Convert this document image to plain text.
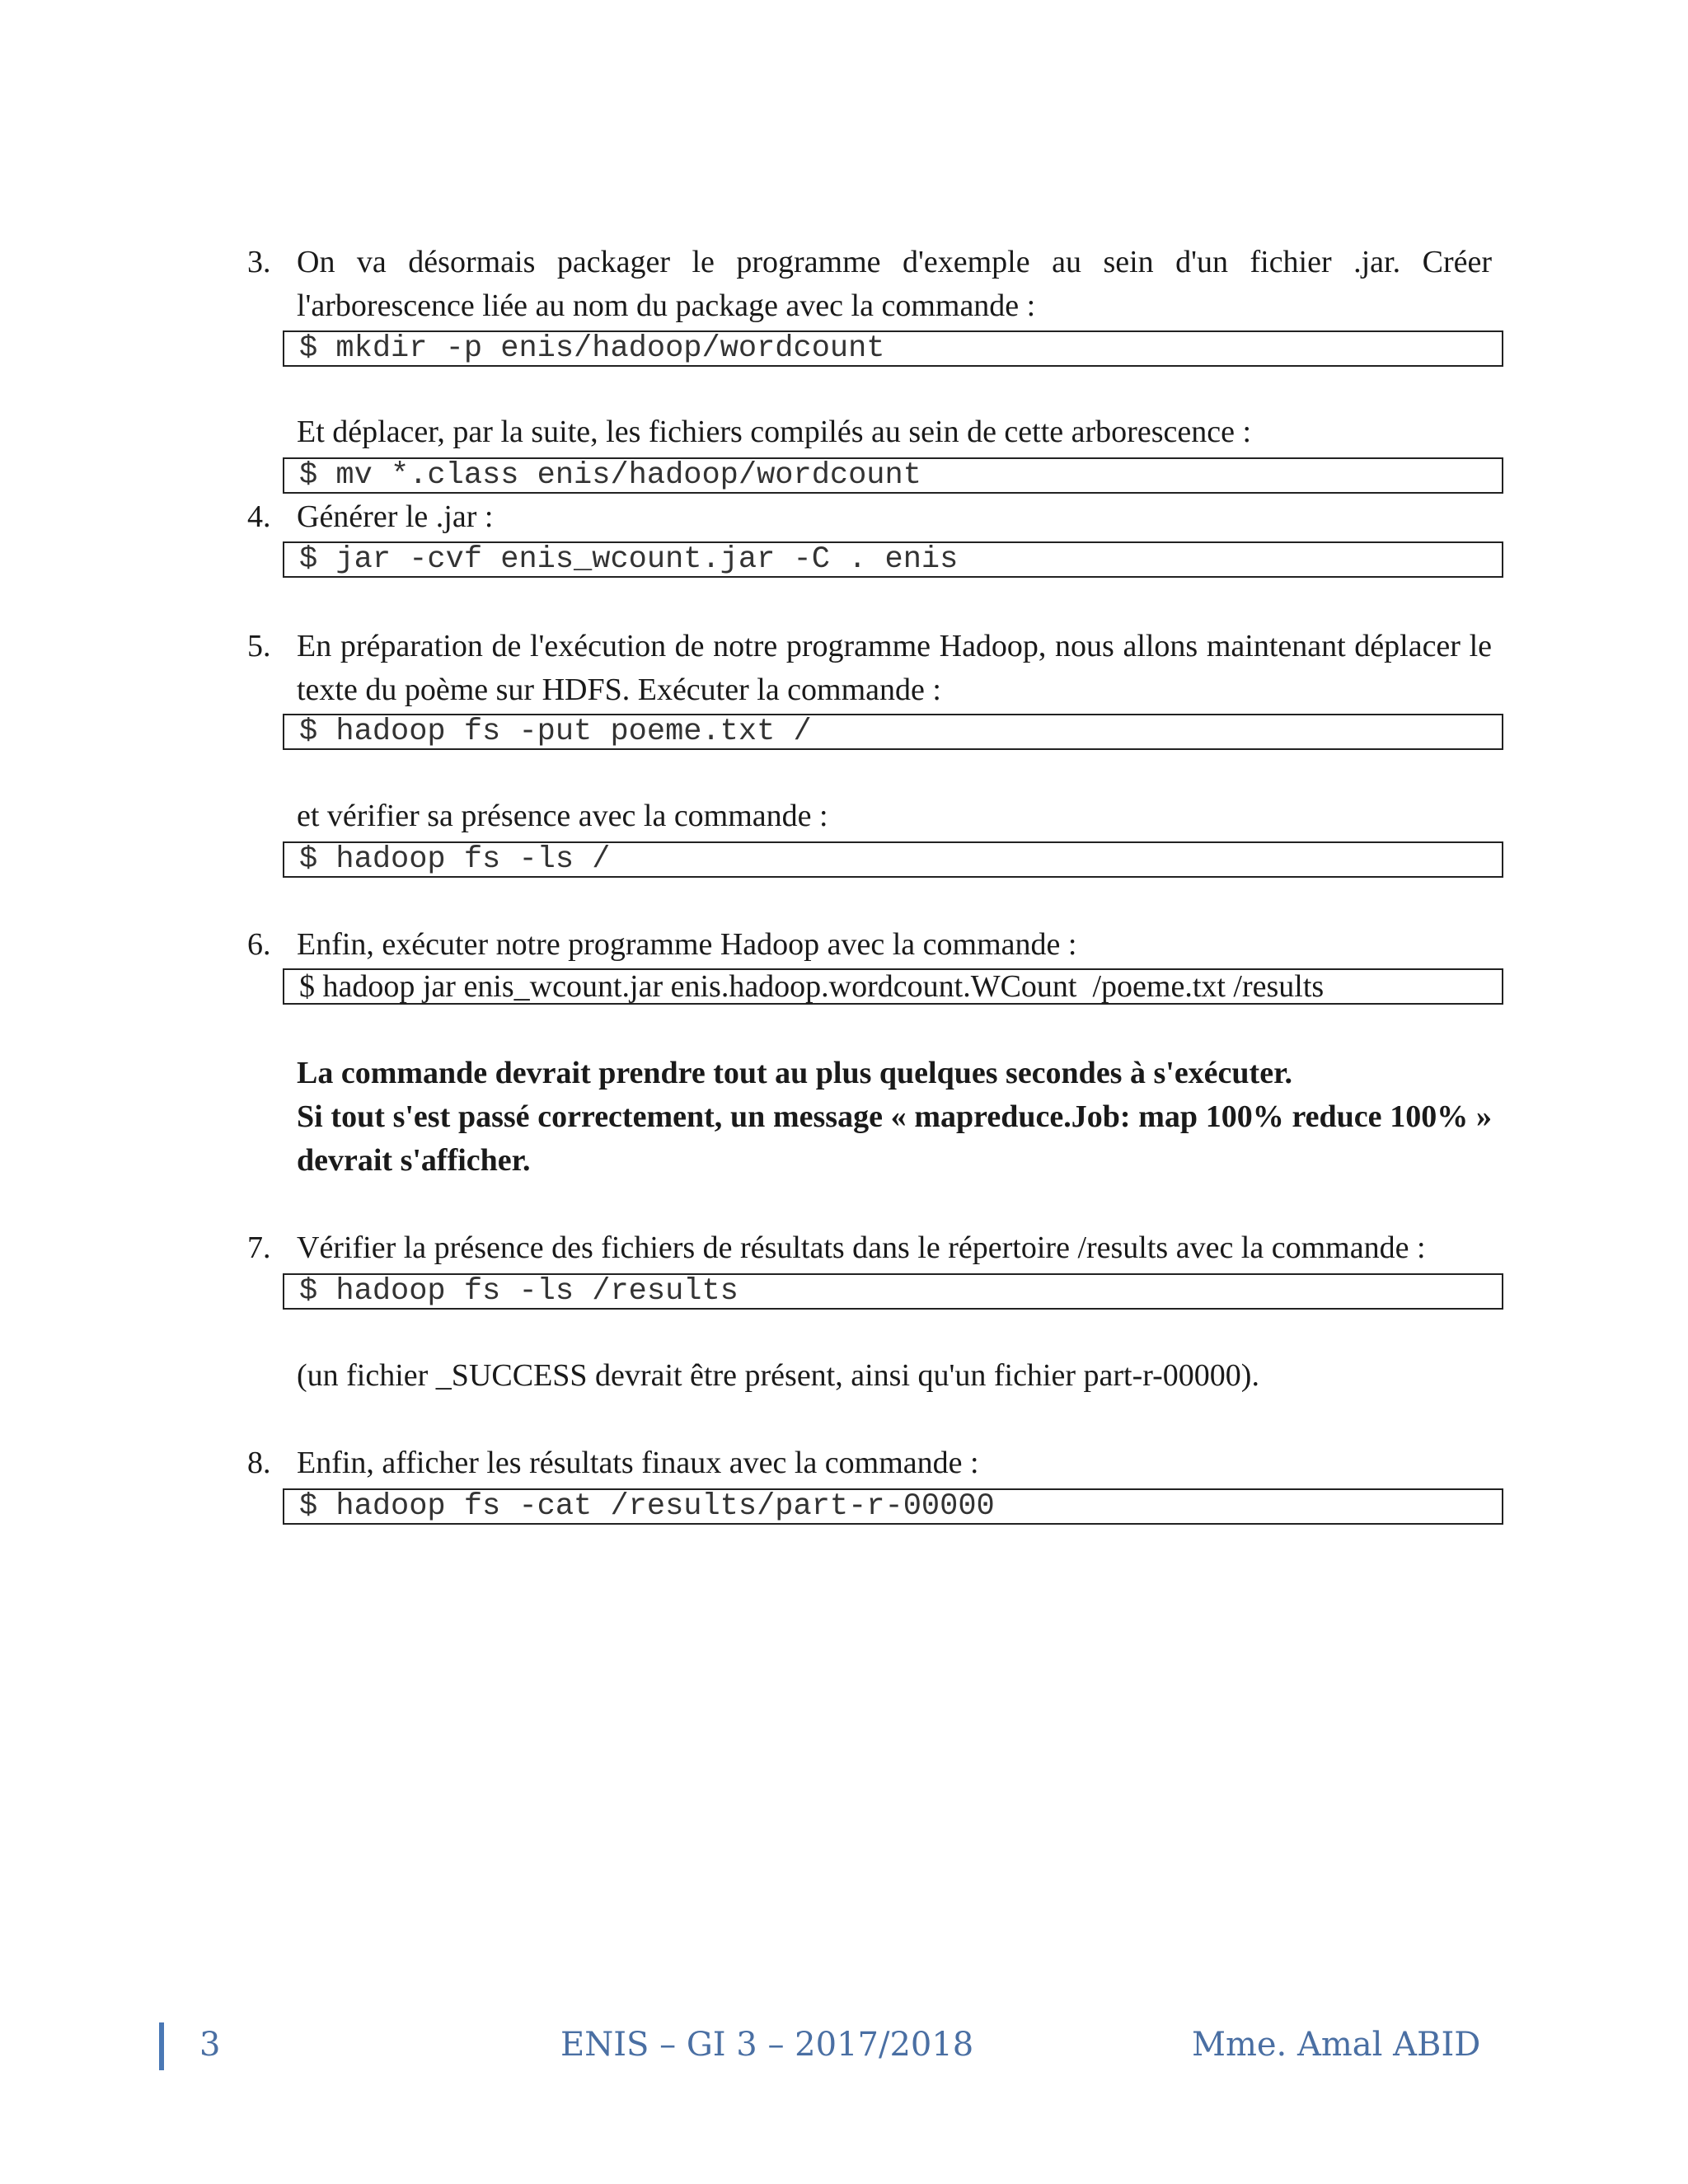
3. On va désormais packager le programme d'exemple au sein d'un fichier .jar. Créer l'arborescence liée au nom du package avec la commande :

$ mkdir -p enis/hadoop/wordcount
Et déplacer, par la suite, les fichiers compilés au sein de cette arborescence :
$ mv *.class enis/hadoop/wordcount
4. Générer le .jar :

$ jar -cvf enis_wcount.jar -C . enis
5. En préparation de l'exécution de notre programme Hadoop, nous allons maintenant déplacer le texte du poème sur HDFS. Exécuter la commande :

$ hadoop fs -put poeme.txt /
et vérifier sa présence avec la commande :
$ hadoop fs -ls /
6. Enfin, exécuter notre programme Hadoop avec la commande :

$ hadoop jar enis_wcount.jar enis.hadoop.wordcount.WCount  /poeme.txt /results

La commande devrait prendre tout au plus quelques secondes à s'exécuter.

Si tout s'est passé correctement, un message « mapreduce.Job: map 100% reduce 100% » devrait s'afficher.

7. Vérifier la présence des fichiers de résultats dans le répertoire /results avec la commande :

$ hadoop fs -ls /results
(un fichier _SUCCESS devrait être présent, ainsi qu'un fichier part-r-00000).
8. Enfin, afficher les résultats finaux avec la commande :

$ hadoop fs -cat /results/part-r-00000
3	ENIS – GI 3 – 2017/2018	Mme. Amal ABID
